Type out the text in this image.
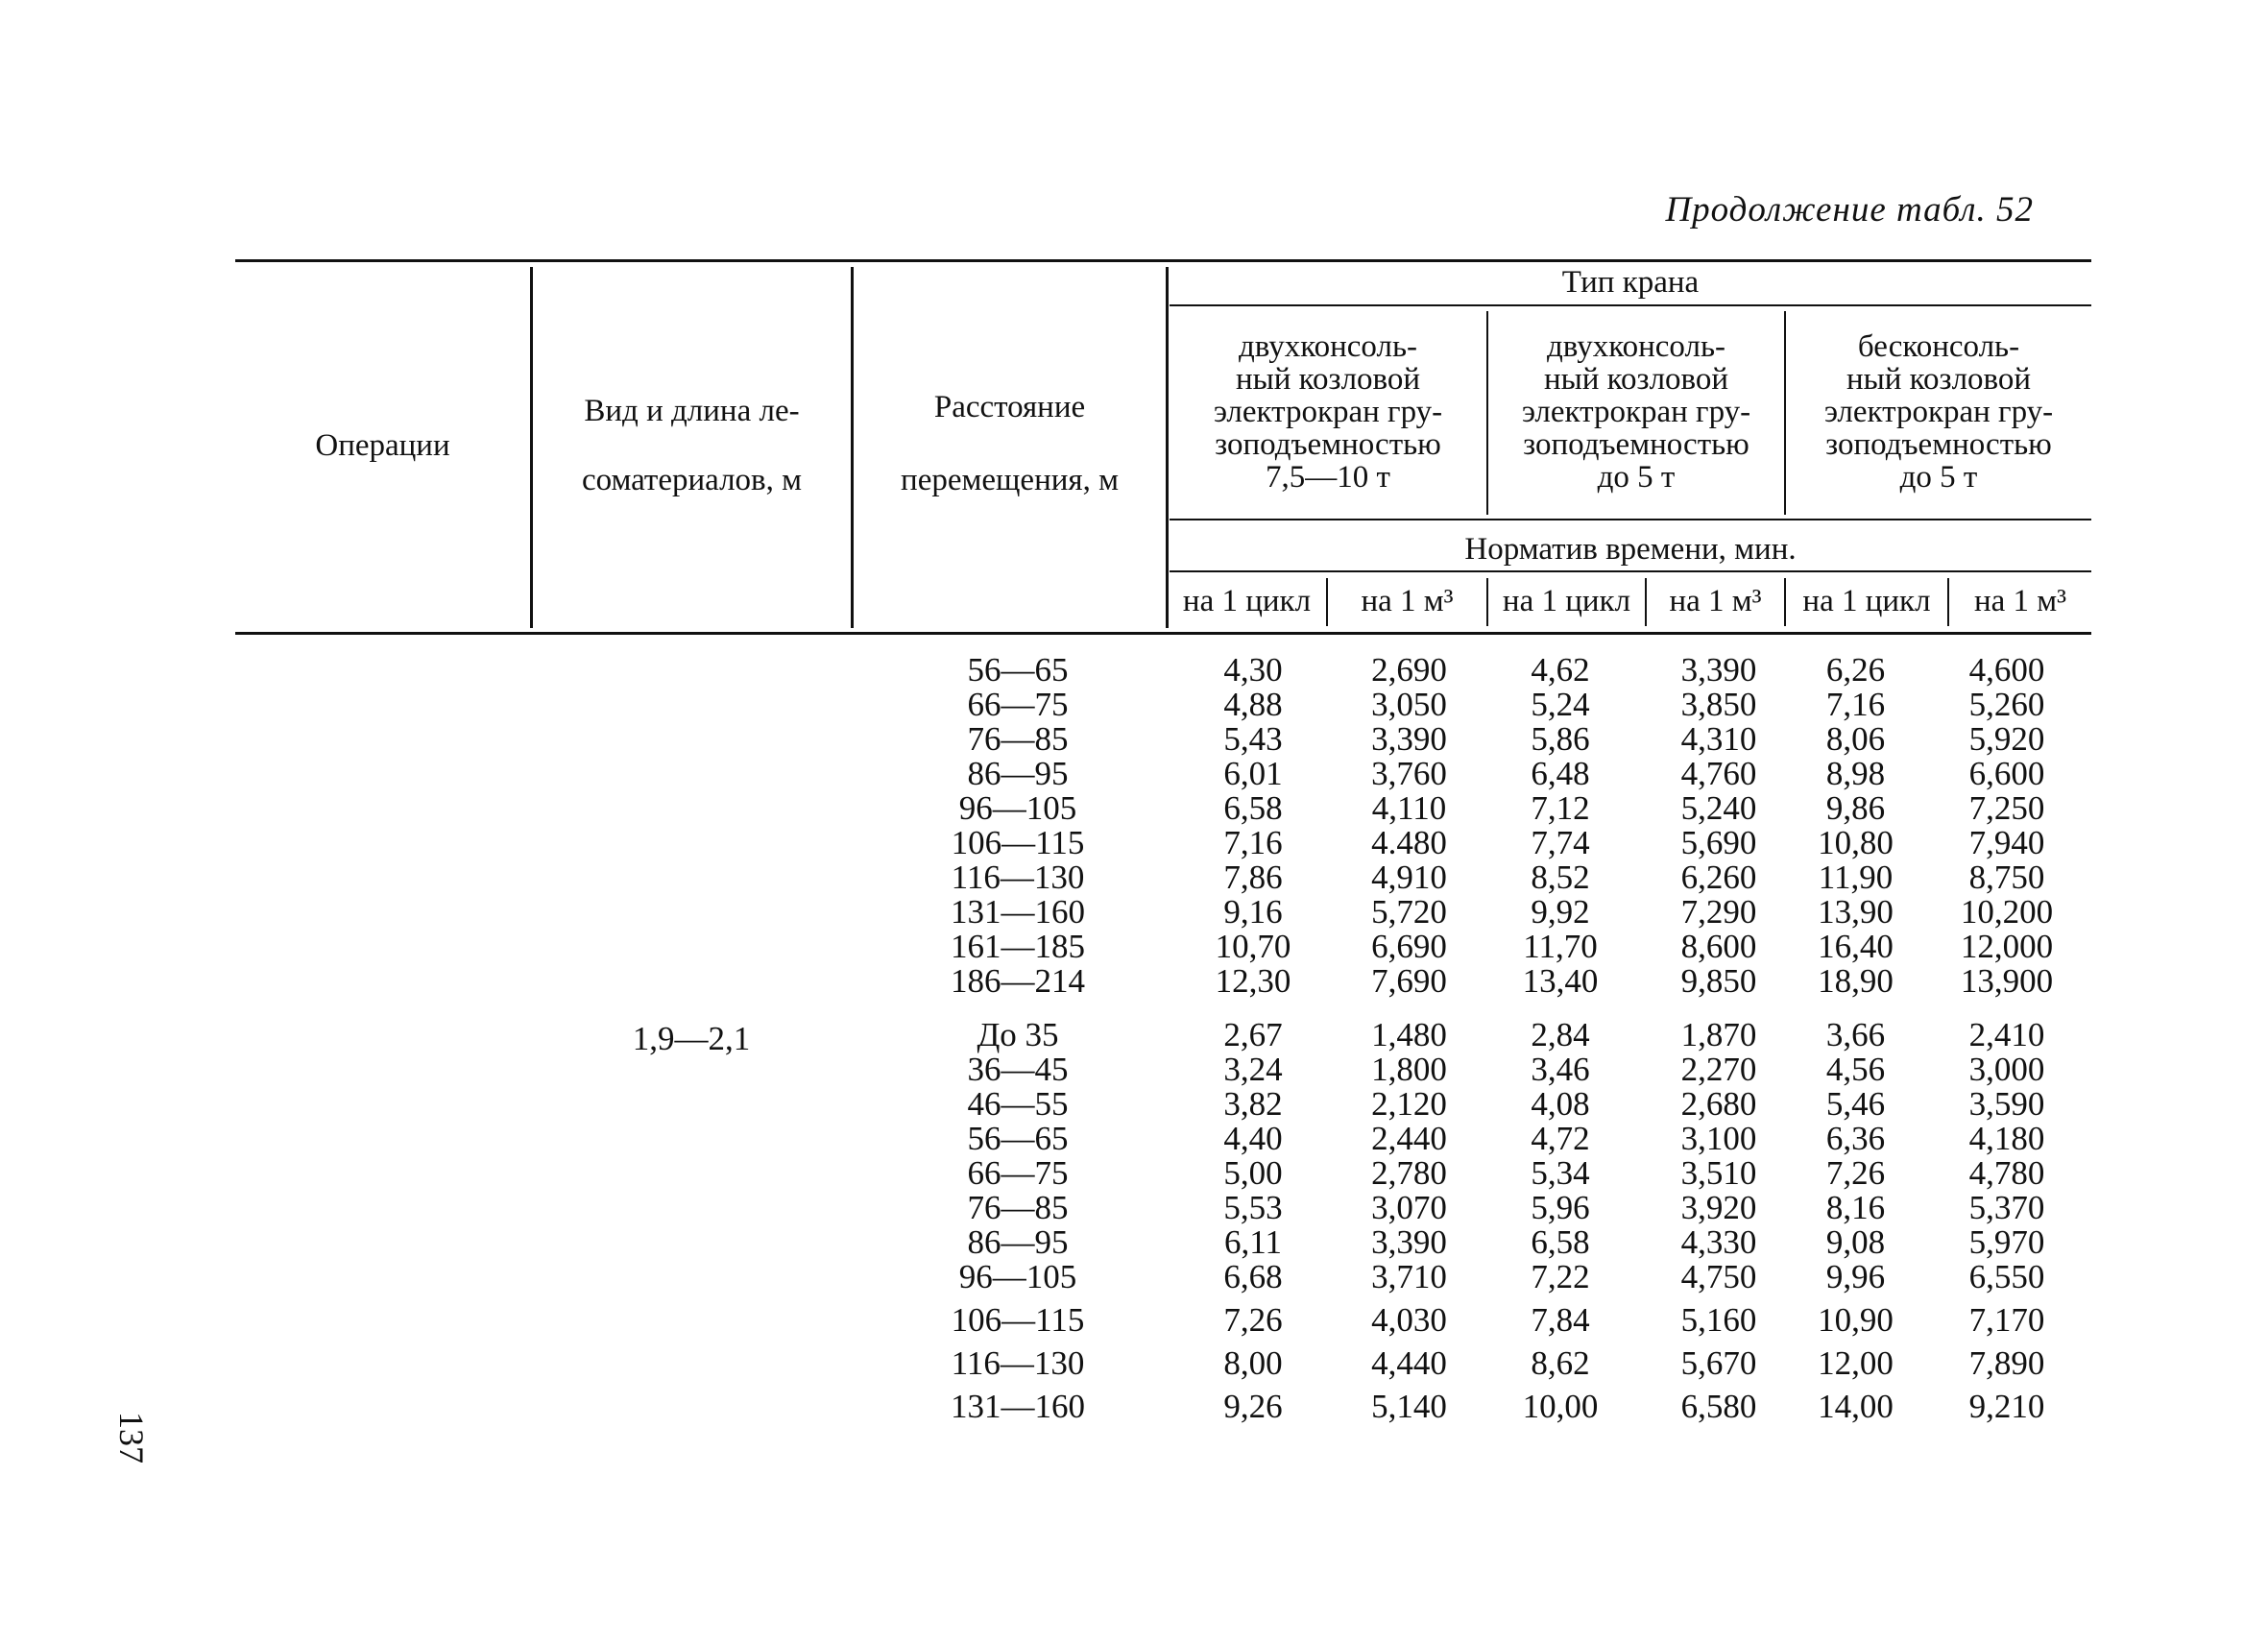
Продолжение табл. 52
Операции
Вид и длина ле-
соматериалов, м
Расстояние
перемещения, м
Тип крана
двухконсоль-
ный козловой
электрокран гру-
зоподъемностью
7,5—10 т
двухконсоль-
ный козловой
электрокран гру-
зоподъемностью
до 5 т
бесконсоль-
ный козловой
электрокран гру-
зоподъемностью
до 5 т
Норматив времени, мин.
на 1 цикл	на 1 м³	на 1 цикл	на 1 м³	на 1 цикл	на 1 м³
1,9—2,1
56—65	4,30	2,690	4,62	3,390	6,26	4,600
66—75	4,88	3,050	5,24	3,850	7,16	5,260
76—85	5,43	3,390	5,86	4,310	8,06	5,920
86—95	6,01	3,760	6,48	4,760	8,98	6,600
96—105	6,58	4,110	7,12	5,240	9,86	7,250
106—115	7,16	4.480	7,74	5,690	10,80	7,940
116—130	7,86	4,910	8,52	6,260	11,90	8,750
131—160	9,16	5,720	9,92	7,290	13,90	10,200
161—185	10,70	6,690	11,70	8,600	16,40	12,000
186—214	12,30	7,690	13,40	9,850	18,90	13,900
До 35	2,67	1,480	2,84	1,870	3,66	2,410
36—45	3,24	1,800	3,46	2,270	4,56	3,000
46—55	3,82	2,120	4,08	2,680	5,46	3,590
56—65	4,40	2,440	4,72	3,100	6,36	4,180
66—75	5,00	2,780	5,34	3,510	7,26	4,780
76—85	5,53	3,070	5,96	3,920	8,16	5,370
86—95	6,11	3,390	6,58	4,330	9,08	5,970
96—105	6,68	3,710	7,22	4,750	9,96	6,550
106—115	7,26	4,030	7,84	5,160	10,90	7,170
116—130	8,00	4,440	8,62	5,670	12,00	7,890
131—160	9,26	5,140	10,00	6,580	14,00	9,210
137
